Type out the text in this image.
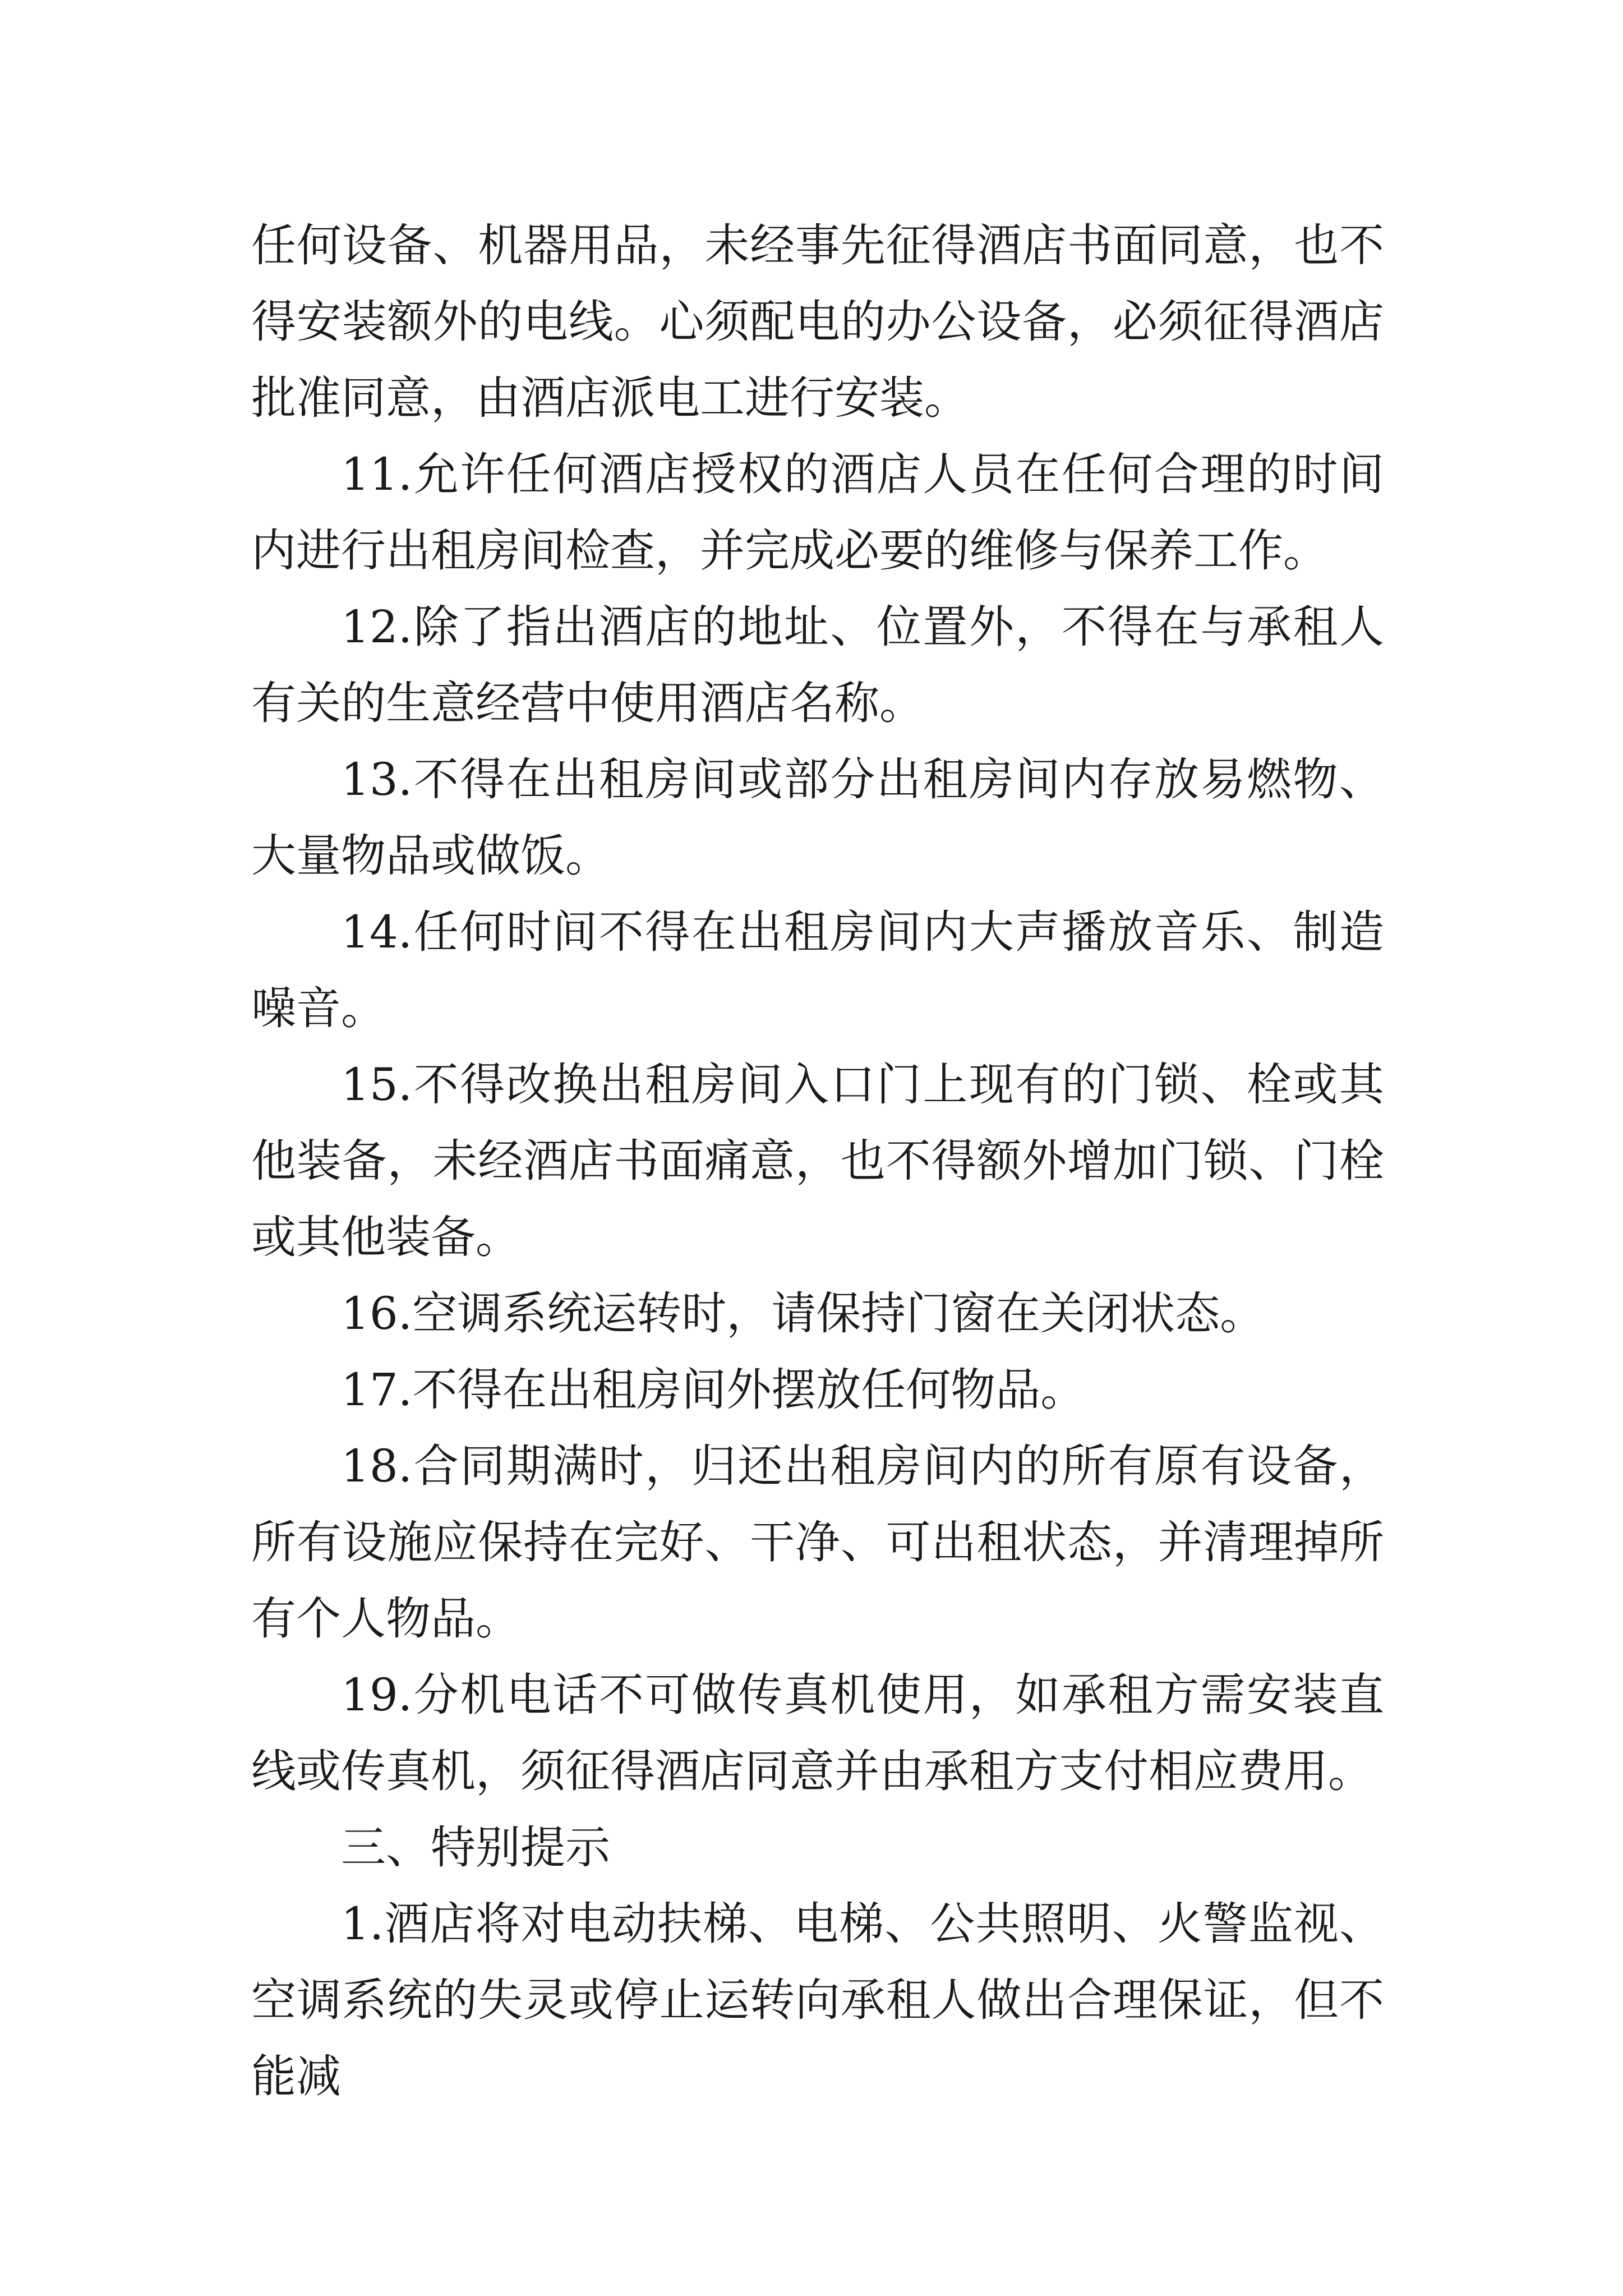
任何设备、机器用品，未经事先征得酒店书面同意，也不得安装额外的电线。心须配电的办公设备，必须征得酒店批准同意，由酒店派电工进行安装。

11.允许任何酒店授权的酒店人员在任何合理的时间内进行出租房间检查，并完成必要的维修与保养工作。

12.除了指出酒店的地址、位置外，不得在与承租人有关的生意经营中使用酒店名称。

13.不得在出租房间或部分出租房间内存放易燃物、大量物品或做饭。

14.任何时间不得在出租房间内大声播放音乐、制造噪音。

15.不得改换出租房间入口门上现有的门锁、栓或其他装备，未经酒店书面痛意，也不得额外增加门锁、门栓或其他装备。

16.空调系统运转时，请保持门窗在关闭状态。

17.不得在出租房间外摆放任何物品。

18.合同期满时，归还出租房间内的所有原有设备，所有设施应保持在完好、干净、可出租状态，并清理掉所有个人物品。

19.分机电话不可做传真机使用，如承租方需安装直线或传真机，须征得酒店同意并由承租方支付相应费用。

三、特别提示

1.酒店将对电动扶梯、电梯、公共照明、火警监视、空调系统的失灵或停止运转向承租人做出合理保证，但不能减
